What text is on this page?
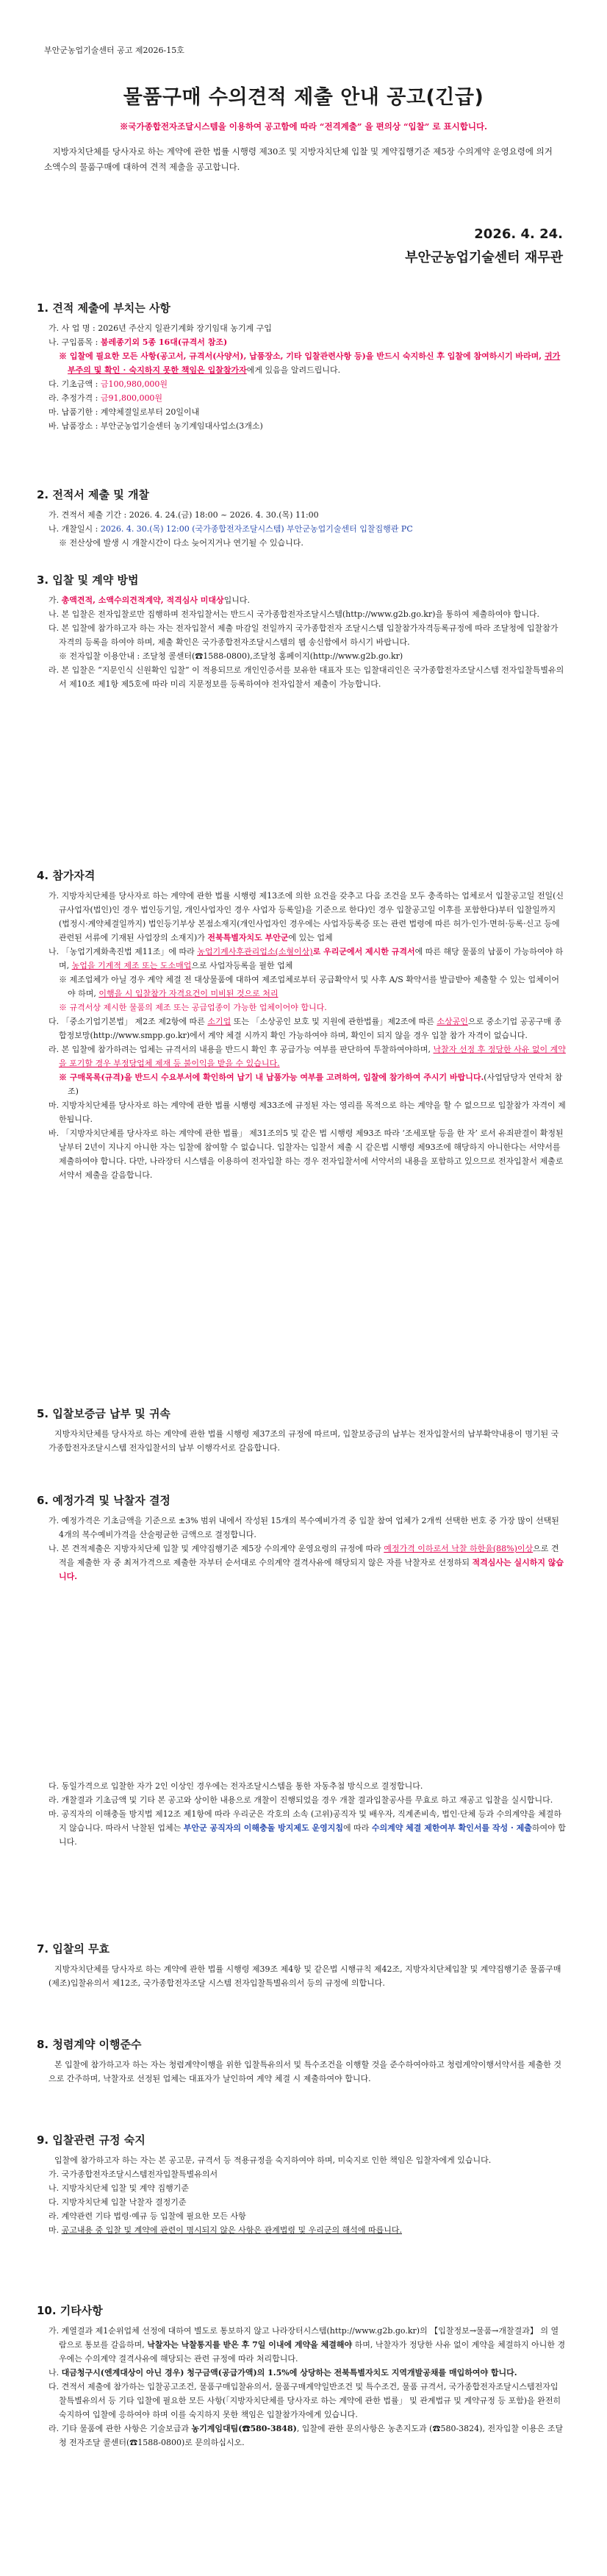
부안군농업기술센터 공고 제2026-15호
물품구매 수의견적 제출 안내 공고(긴급)
※국가종합전자조달시스템을 이용하여 공고함에 따라 “전격계출” 을 편의상 “입찰” 로 표시합니다.
지방자치단체를 당사자로 하는 계약에 관한 법률 시행령 제30조 및 지방자치단체 입찰 및 계약집행기준 제5장 수의계약 운영요령에 의거 소액수의 물품구매에 대하여 견적 제출을 공고합니다.
2026. 4. 24.
부안군농업기술센터 재무관
1. 견적 제출에 부치는 사항

가. 사 업 명 : 2026년 주산지 일관기계화 장기임대 농기계 구입

나. 구입품목 : 붐레종기외 5종 16대(규격서 참조)

※ 입찰에 필요한 모든 사항(공고서, 규격서(사양서), 납품장소, 기타 입찰관련사항 등)을 반드시 숙지하신 후 입찰에 참여하시기 바라며, 귀가 부주의 및 확인 ⋅ 숙지하지 못한 책임은 입찰참가자에게 있음을 알려드립니다.

다. 기초금액 : 금100,980,000원

라. 추정가격 : 금91,800,000원

마. 납품기한 : 계약체결일로부터 20일이내

바. 납품장소 : 부안군농업기술센터 농기계임대사업소(3개소)

2. 전적서 제출 및 개찰

가. 견적서 제출 기간 : 2026. 4. 24.(금) 18:00 ~ 2026. 4. 30.(목) 11:00

나. 개찰일시 : 2026. 4. 30.(목) 12:00 (국가종합전자조달시스템) 부안군농업기술센터 입찰집행관 PC

※ 전산상에 발생 시 개찰시간이 다소 늦어지거나 연기될 수 있습니다.

3. 입찰 및 계약 방법

가. 총액견적, 소액수의견적계약, 적격심사 미대상입니다.

나. 본 입찰은 전자입찰로만 집행하며 전자입찰서는 반드시 국가종합전자조달시스템(http://www.g2b.go.kr)을 통하여 제출하여야 합니다.

다. 본 입찰에 참가하고자 하는 자는 전자입찰서 제출 마감일 전일까지 국가종합전자 조달시스템 입찰참가자격등록규정에 따라 조달청에 입찰참가자격의 등록을 하여야 하며, 제출 확인은 국가종합전자조달시스템의 웹 송신함에서 하시기 바랍니다.

※ 전자입찰 이용안내 : 조달청 콜센터(☎1588-0800),조달청 홈페이지(http://www.g2b.go.kr)

라. 본 입찰은 “지문인식 신원확인 입찰” 이 적용되므로 개인인증서를 보유한 대표자 또는 입찰대리인은 국가종합전자조달시스템 전자입찰특별유의서 제10조 제1항 제5호에 따라 미리 지문정보를 등록하여야 전자입찰서 제출이 가능합니다.

4. 참가자격

가. 지방자치단체를 당사자로 하는 계약에 관한 법률 시행령 제13조에 의한 요건을 갖추고 다음 조건을 모두 충족하는 업체로서 입찰공고일 전일(신규사업자(법인)인 경우 법인등기일, 개인사업자인 경우 사업자 등록일)을 기준으로 한다)인 경우 입찰공고일 이후를 포함한다)부터 입찰일까지(법정시·계약체결일까지) 법인등기부상 본점소재지(개인사업자인 경우에는 사업자등록증 또는 관련 법령에 따른 허가·인가·면허·등록·신고 등에 관련된 서류에 기재된 사업장의 소재지)가 전북특별자치도 부안군에 있는 업체

나. 「농업기계화촉진법 제11조」에 따라 농업기계사후관리업소(소형이상)로 우리군에서 제시한 규격서에 따른 해당 물품의 납품이 가능하여야 하며, 농업을 기계적 제조 또는 도소매업으로 사업자등록을 필한 업체

※ 제조업체가 아닐 경우 계약 체결 전 대상물품에 대하여 제조업체로부터 공급확약서 및 사후 A/S 확약서를 발급받아 제출할 수 있는 업체이어야 하며, 이행을 시 입찰참가 자격요건이 미비된 것으로 처리

※ 규격서상 제시한 물품의 제조 또는 공급업종이 가능한 업체이어야 합니다.

다. 「중소기업기본법」 제2조 제2항에 따른 소기업 또는 「소상공인 보호 및 지원에 관한법률」제2조에 따른 소상공인으로 중소기업 공공구매 종합정보망(http://www.smpp.go.kr)에서 계약 체결 시까지 확인 가능하여야 하며, 확인이 되지 않을 경우 입찰 참가 자격이 없습니다.

라. 본 입찰에 참가하려는 업체는 규격서의 내용을 반드시 확인 후 공급가능 여부를 판단하여 투찰하여야하며, 낙찰자 선정 후 정당한 사유 없이 계약을 포기할 경우 부정당업체 제재 등 불이익을 받을 수 있습니다.

※ 구매목록(규격)을 반드시 수요부서에 확인하여 납기 내 납품가능 여부를 고려하여, 입찰에 참가하여 주시기 바랍니다.(사업담당자 연락처 참조)

마. 지방자치단체를 당사자로 하는 계약에 관한 법률 시행령 제33조에 규정된 자는 영리를 목적으로 하는 계약을 할 수 없으므로 입찰참가 자격이 제한됩니다.

바. 「지방자치단체를 당사자로 하는 계약에 관한 법률」 제31조의5 및 같은 법 시행령 제93조 따라 ‘조세포탈 등을 한 자’ 로서 유죄판결이 확정된 날부터 2년이 지나지 아니한 자는 입찰에 참여할 수 없습니다. 입찰자는 입찰서 제출 시 같은법 시행령 제93조에 해당하지 아니한다는 서약서를 제출하여야 합니다. 다만, 나라장터 시스템을 이용하여 전자입찰 하는 경우 전자입찰서에 서약서의 내용을 포함하고 있으므로 전자입찰서 제출로 서약서 제출을 갈음합니다.

5. 입찰보증금 납부 및 귀속

지방자치단체를 당사자로 하는 계약에 관한 법률 시행령 제37조의 규정에 따르며, 입찰보증금의 납부는 전자입찰서의 납부확약내용이 명기된 국가종합전자조달시스템 전자입찰서의 납부 이행각서로 갈음합니다.

6. 예정가격 및 낙찰자 결정

가. 예정가격은 기초금액을 기준으로 ±3% 범위 내에서 작성된 15개의 복수예비가격 중 입찰 참여 업체가 2개씩 선택한 번호 중 가장 많이 선택된 4개의 복수예비가격을 산술평균한 금액으로 결정합니다.

나. 본 견적제출은 지방자치단체 입찰 및 계약집행기준 제5장 수의계약 운영요령의 규정에 따라 예정가격 이하로서 낙찰 하한율(88%)이상으로 견적을 제출한 자 중 최저가격으로 제출한 자부터 순서대로 수의계약 결격사유에 해당되지 않은 자를 낙찰자로 선정하되 적격심사는 실시하지 않습니다.

다. 동일가격으로 입찰한 자가 2인 이상인 경우에는 전자조달시스템을 통한 자동추첨 방식으로 결정합니다.

라. 개찰결과 기초금액 및 기타 본 공고와 상이한 내용으로 개찰이 진행되었을 경우 개찰 결과입찰공사를 무효로 하고 재공고 입찰을 실시합니다.

마. 공직자의 이해충돌 방지법 제12조 제1항에 따라 우리군은 각호의 소속 (고위)공직자 및 배우자, 직계존비속, 법인·단체 등과 수의계약을 체결하지 않습니다. 따라서 낙찰된 업체는 부안군 공직자의 이해충돌 방지제도 운영지침에 따라 수의계약 체결 제한여부 확인서를 작성 · 제출하여야 합니다.

7. 입찰의 무효

지방자치단체를 당사자로 하는 계약에 관한 법률 시행령 제39조 제4항 및 같은법 시행규칙 제42조, 지방자치단체입찰 및 계약집행기준 물품구매(제조)입찰유의서 제12조, 국가종합전자조달 시스템 전자입찰특별유의서 등의 규정에 의합니다.

8. 청렴계약 이행준수

본 입찰에 참가하고자 하는 자는 청렴계약이행을 위한 입찰특유의서 및 특수조건을 이행할 것을 준수하여야하고 청렴계약이행서약서를 제출한 것으로 간주하며, 낙찰자로 선정된 업체는 대표자가 날인하여 계약 체결 시 제출하여야 합니다.

9. 입찰관련 규정 숙지

입찰에 참가하고자 하는 자는 본 공고문, 규격서 등 적용규정을 숙지하여야 하며, 미숙지로 인한 책임은 입찰자에게 있습니다.

가. 국가종합전자조달시스템전자입찰특별유의서

나. 지방자치단체 입찰 및 계약 집행기준

다. 지방자치단체 입찰 낙찰자 결정기준

라. 계약관련 기타 법령·예규 등 입찰에 필요한 모든 사항

마. 공고내용 중 입찰 및 계약에 관련이 명시되지 않은 사항은 관계법령 및 우리군의 해석에 따릅니다.

10. 기타사항

가. 계열결과 제1순위업체 선정에 대하여 별도로 통보하지 않고 나라장터시스템(http://www.g2b.go.kr)의 【입찰정보→물품→개찰결과】 의 열람으로 통보를 갈음하며, 낙찰자는 낙찰통지를 받은 후 7일 이내에 계약을 체결해야 하며, 낙찰자가 정당한 사유 없이 계약을 체결하지 아니한 경우에는 수의계약 결격사유에 해당되는 관련 규정에 따라 처리합니다.

나. 대금청구시(엔계대상이 아닌 경우) 청구금액(공급가액)의 1.5%에 상당하는 전북특별자치도 지역개발공채를 매입하여야 합니다.

다. 견적서 제출에 참가하는 입찰공고조건, 물품구매입찰유의서, 물품구매계약일반조건 및 특수조건, 물품 규격서, 국가종합전자조달시스템전자입찰특별유의서 등 기타 입찰에 필요한 모든 사항(「지방자치단체를 당사자로 하는 계약에 관한 법률」 및 관계법규 및 계약규정 등 포함)을 완전히 숙지하여 입찰에 응하여야 하며 이를 숙지하지 못한 책임은 입찰참가자에게 있습니다.

라. 기타 물품에 관한 사항은 기술보급과 농기계임대팀(☎580-3848), 입찰에 관한 문의사항은 농촌지도과 (☎580-3824), 전자입찰 이용은 조달청 전자조달 콜센터(☎1588-0800)로 문의하십시오.
